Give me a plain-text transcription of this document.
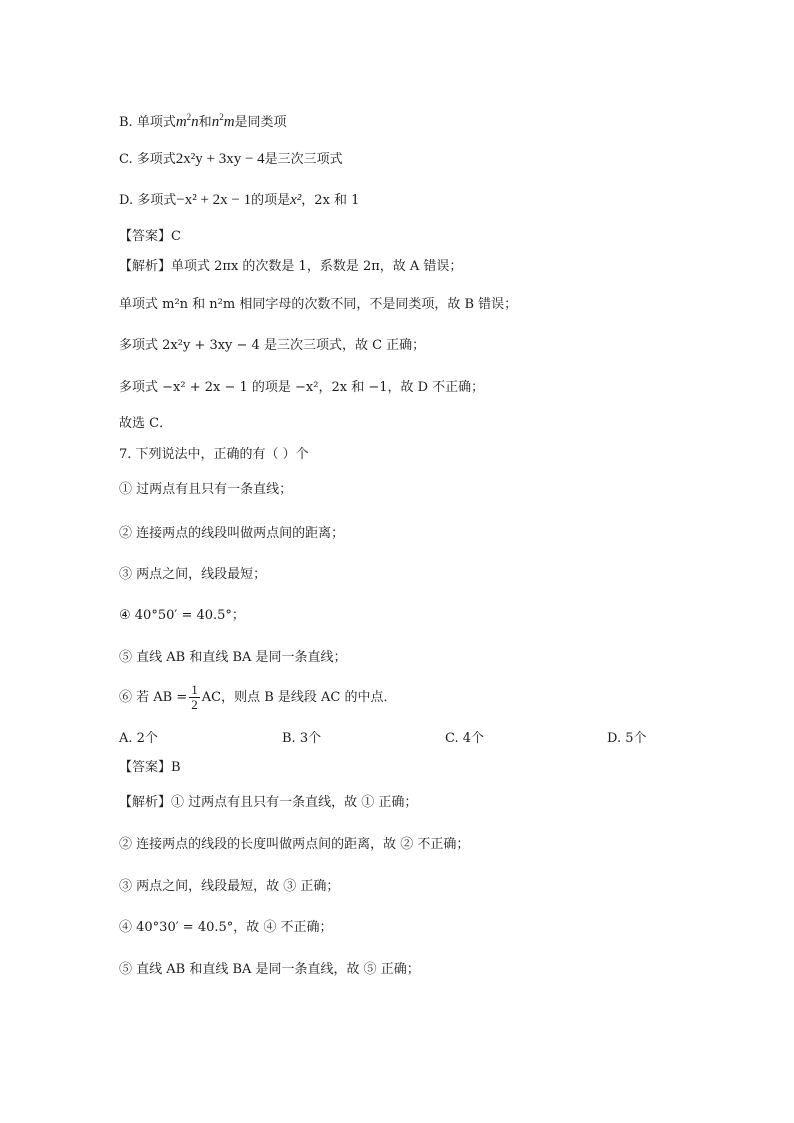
B. 单项式$m^2n$和$n^2m$是同类项
C. 多项式2x²y + 3xy − 4是三次三项式
D. 多项式−x² + 2x − 1的项是x²，2x 和 1
【答案】C
【解析】单项式 2πx 的次数是 1，系数是 2π，故 A 错误；
单项式 m²n 和 n²m 相同字母的次数不同，不是同类项，故 B 错误；
多项式 2x²y + 3xy − 4 是三次三项式，故 C 正确；
多项式 −x² + 2x − 1 的项是 −x²，2x 和 −1，故 D 不正确；
故选 C．
7. 下列说法中，正确的有（ ）个
① 过两点有且只有一条直线；
② 连接两点的线段叫做两点间的距离；
③ 两点之间，线段最短；
④ 40°50′ = 40.5°；
⑤ 直线 AB 和直线 BA 是同一条直线；
⑥ 若 AB = $\frac{1}{2}$ AC，则点 B 是线段 AC 的中点．
A. 2个	B. 3个	C. 4个	D. 5个
【答案】B
【解析】① 过两点有且只有一条直线，故 ① 正确；
② 连接两点的线段的长度叫做两点间的距离，故 ② 不正确；
③ 两点之间，线段最短，故 ③ 正确；
④ 40°30′ = 40.5°，故 ④ 不正确；
⑤ 直线 AB 和直线 BA 是同一条直线，故 ⑤ 正确；
